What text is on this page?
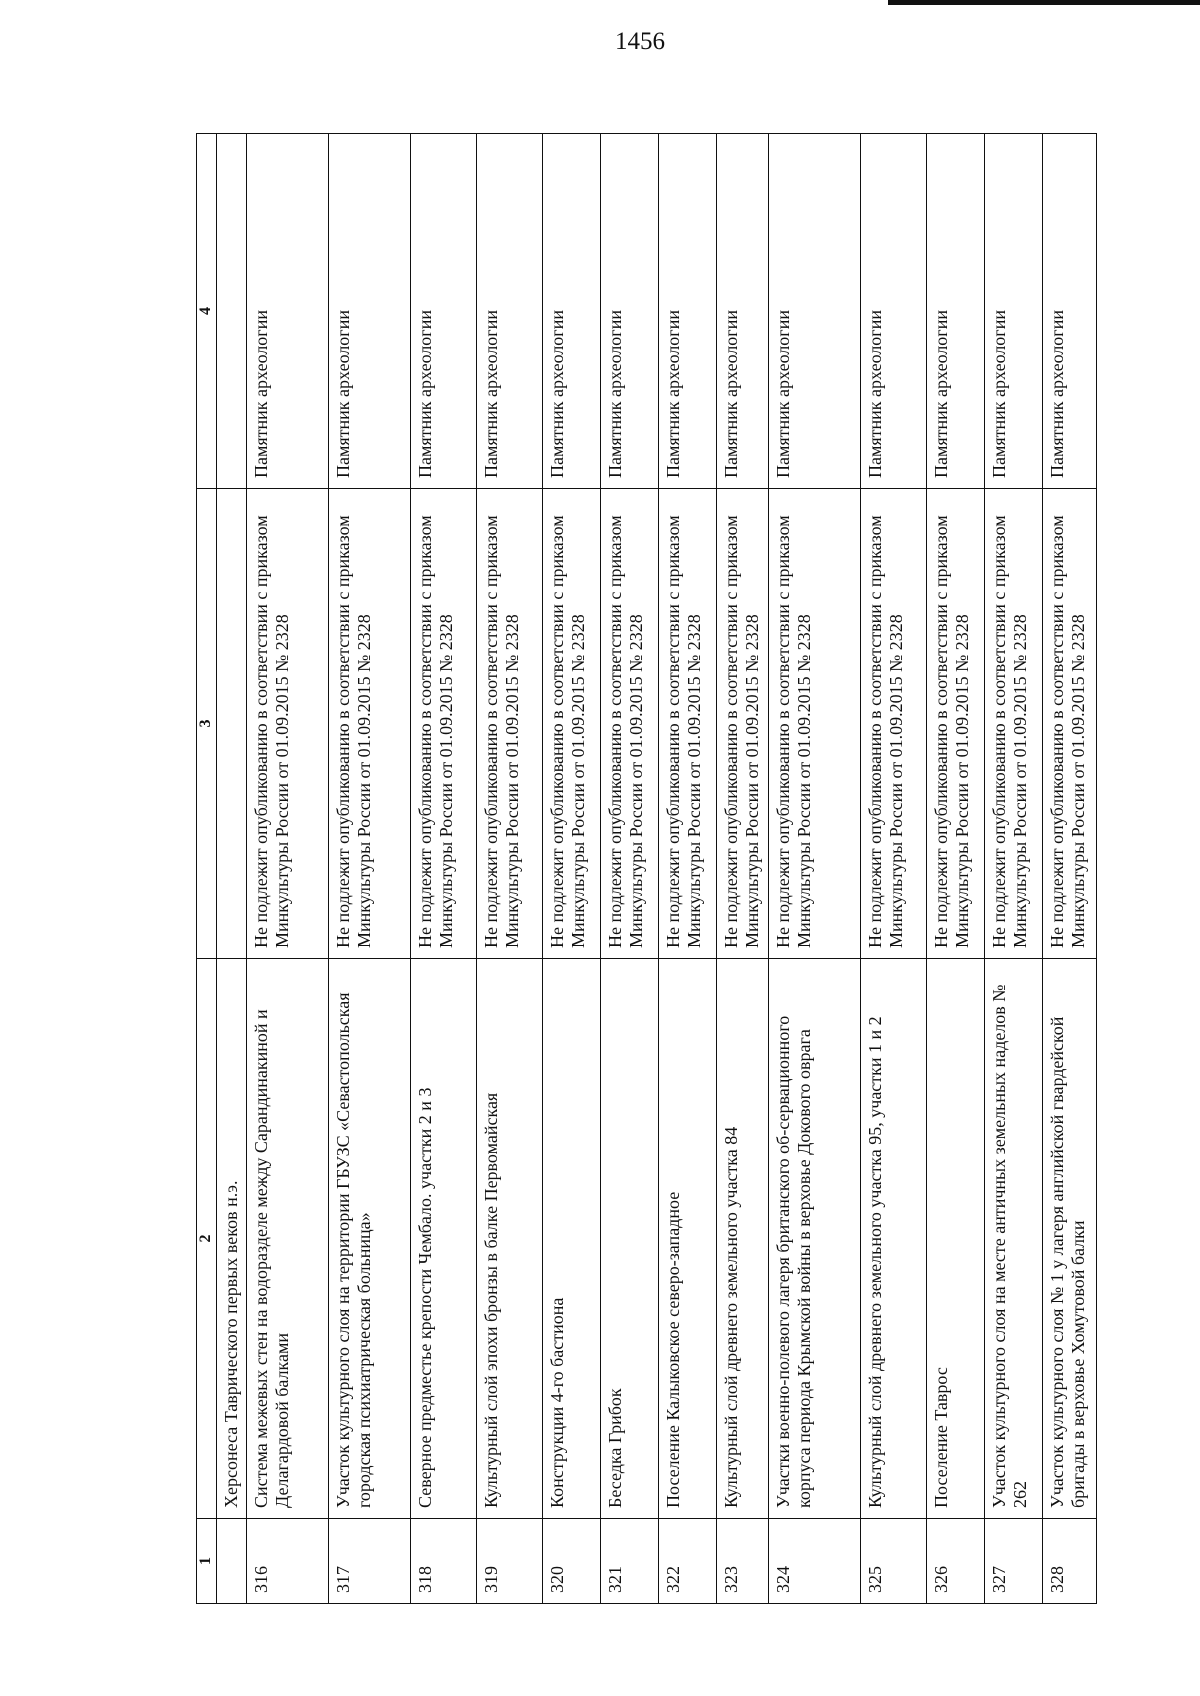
1456
1	2	3	4
	Херсонеса Таврического первых веков н.э.		
316	Система межевых стен на водоразделе между Сарандинакиной и Делагардовой балками	Не подлежит опубликованию в соответствии с приказом Минкультуры России от 01.09.2015 № 2328	Памятник археологии
317	Участок культурного слоя на территории ГБУЗС «Севастопольская городская психиатрическая больница»	Не подлежит опубликованию в соответствии с приказом Минкультуры России от 01.09.2015 № 2328	Памятник археологии
318	Северное предместье крепости Чембало. участки 2 и 3	Не подлежит опубликованию в соответствии с приказом Минкультуры России от 01.09.2015 № 2328	Памятник археологии
319	Культурный слой эпохи бронзы в балке Первомайская	Не подлежит опубликованию в соответствии с приказом Минкультуры России от 01.09.2015 № 2328	Памятник археологии
320	Конструкции 4-го бастиона	Не подлежит опубликованию в соответствии с приказом Минкультуры России от 01.09.2015 № 2328	Памятник археологии
321	Беседка Грибок	Не подлежит опубликованию в соответствии с приказом Минкультуры России от 01.09.2015 № 2328	Памятник археологии
322	Поселение Калыковское северо-западное	Не подлежит опубликованию в соответствии с приказом Минкультуры России от 01.09.2015 № 2328	Памятник археологии
323	Культурный слой древнего земельного участка 84	Не подлежит опубликованию в соответствии с приказом Минкультуры России от 01.09.2015 № 2328	Памятник археологии
324	Участки военно-полевого лагеря британского об-сервационного корпуса периода Крымской войны в верховье Докового оврага	Не подлежит опубликованию в соответствии с приказом Минкультуры России от 01.09.2015 № 2328	Памятник археологии
325	Культурный слой древнего земельного участка 95, участки 1 и 2	Не подлежит опубликованию в соответствии с приказом Минкультуры России от 01.09.2015 № 2328	Памятник археологии
326	Поселение Таврос	Не подлежит опубликованию в соответствии с приказом Минкультуры России от 01.09.2015 № 2328	Памятник археологии
327	Участок культурного слоя на месте античных земельных наделов № 262	Не подлежит опубликованию в соответствии с приказом Минкультуры России от 01.09.2015 № 2328	Памятник археологии
328	Участок культурного слоя № 1 у лагеря английской гвардейской бригады в верховье Хомутовой балки	Не подлежит опубликованию в соответствии с приказом Минкультуры России от 01.09.2015 № 2328	Памятник археологии
